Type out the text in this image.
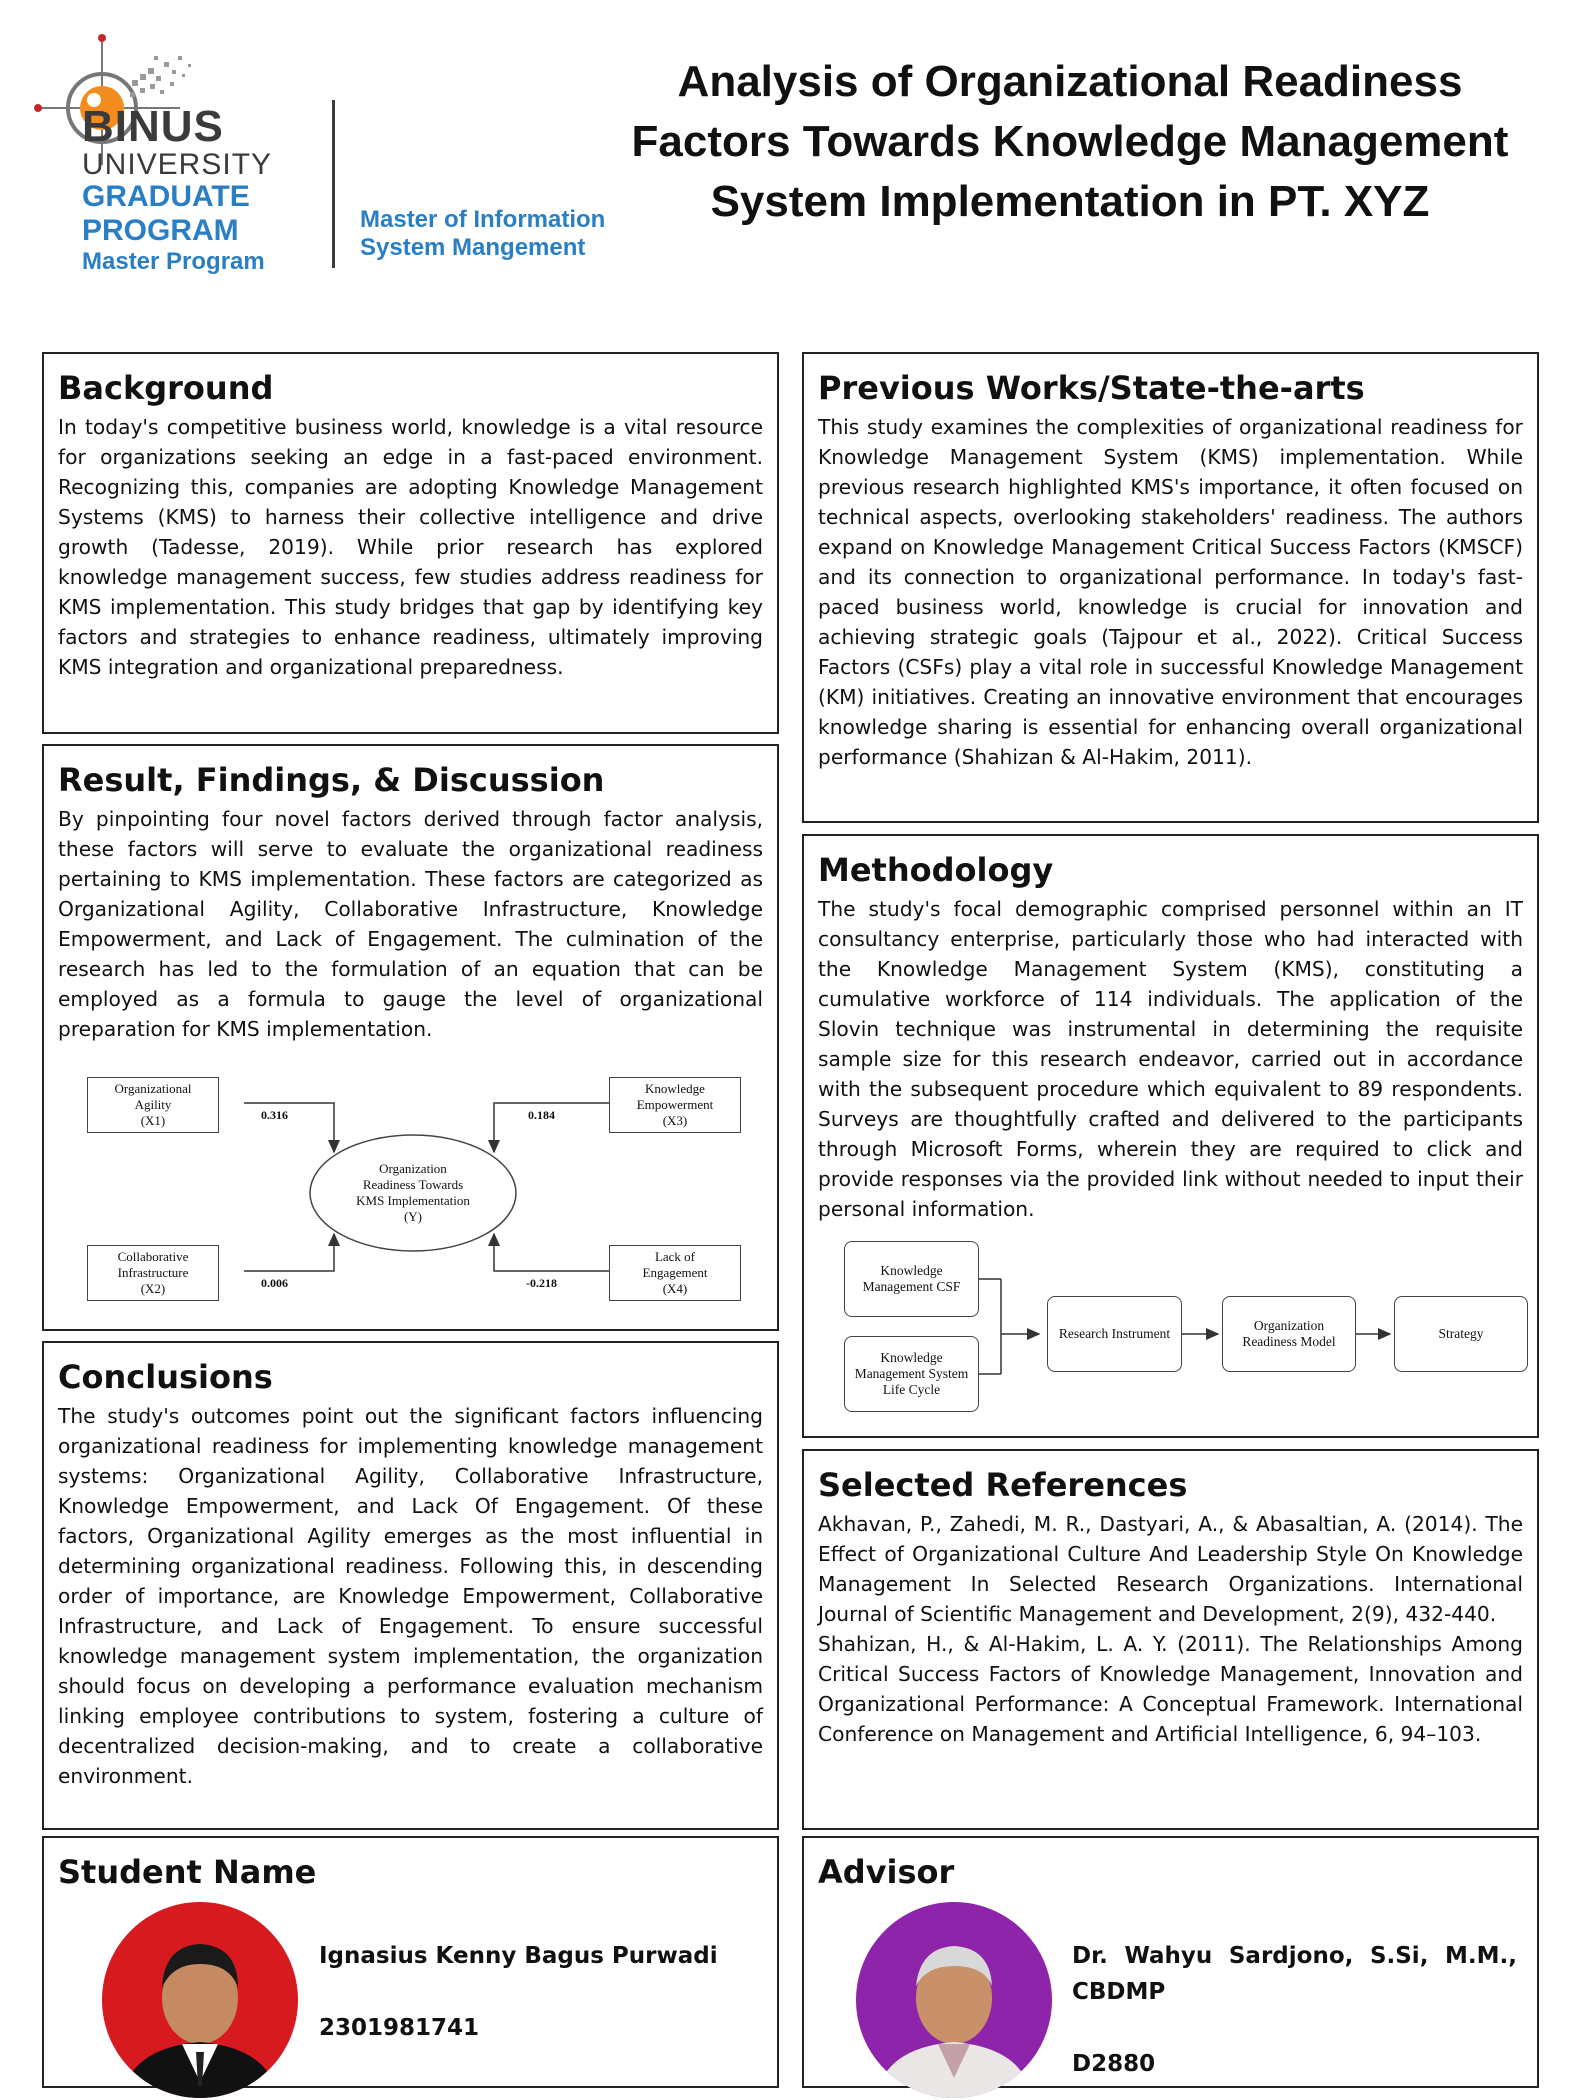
BINUS
UNIVERSITY
GRADUATE
PROGRAM
Master Program
Master of Information
System Mangement
Analysis of Organizational Readiness Factors Towards Knowledge Management System Implementation in PT. XYZ
Background

In today's competitive business world, knowledge is a vital resource for organizations seeking an edge in a fast-paced environment. Recognizing this, companies are adopting Knowledge Management Systems (KMS) to harness their collective intelligence and drive growth (Tadesse, 2019). While prior research has explored knowledge management success, few studies address readiness for KMS implementation. This study bridges that gap by identifying key factors and strategies to enhance readiness, ultimately improving KMS integration and organizational preparedness.

Previous Works/State-the-arts

This study examines the complexities of organizational readiness for Knowledge Management System (KMS) implementation. While previous research highlighted KMS's importance, it often focused on technical aspects, overlooking stakeholders' readiness. The authors expand on Knowledge Management Critical Success Factors (KMSCF) and its connection to organizational performance. In today's fast-paced business world, knowledge is crucial for innovation and achieving strategic goals (Tajpour et al., 2022). Critical Success Factors (CSFs) play a vital role in successful Knowledge Management (KM) initiatives. Creating an innovative environment that encourages knowledge sharing is essential for enhancing overall organizational performance (Shahizan & Al-Hakim, 2011).

Result, Findings, & Discussion

By pinpointing four novel factors derived through factor analysis, these factors will serve to evaluate the organizational readiness pertaining to KMS implementation. These factors are categorized as Organizational Agility, Collaborative Infrastructure, Knowledge Empowerment, and Lack of Engagement. The culmination of the research has led to the formulation of an equation that can be employed as a formula to gauge the level of organizational preparation for KMS implementation.

Organizational
Agility
(X1)
Collaborative
Infrastructure
(X2)
Knowledge
Empowerment
(X3)
Lack of
Engagement
(X4)
Organization
Readiness Towards
KMS Implementation
(Y)
0.316
0.006
0.184
-0.218
Methodology

The study's focal demographic comprised personnel within an IT consultancy enterprise, particularly those who had interacted with the Knowledge Management System (KMS), constituting a cumulative workforce of 114 individuals. The application of the Slovin technique was instrumental in determining the requisite sample size for this research endeavor, carried out in accordance with the subsequent procedure which equivalent to 89 respondents. Surveys are thoughtfully crafted and delivered to the participants through Microsoft Forms, wherein they are required to click and provide responses via the provided link without needed to input their personal information.

Knowledge
Management CSF
Knowledge
Management System
Life Cycle
Research Instrument
Organization
Readiness Model
Strategy
Conclusions

The study's outcomes point out the significant factors influencing organizational readiness for implementing knowledge management systems: Organizational Agility, Collaborative Infrastructure, Knowledge Empowerment, and Lack Of Engagement. Of these factors, Organizational Agility emerges as the most influential in determining organizational readiness. Following this, in descending order of importance, are Knowledge Empowerment, Collaborative Infrastructure, and Lack of Engagement. To ensure successful knowledge management system implementation, the organization should focus on developing a performance evaluation mechanism linking employee contributions to system, fostering a culture of decentralized decision-making, and to create a collaborative environment.

Selected References

Akhavan, P., Zahedi, M. R., Dastyari, A., & Abasaltian, A. (2014). The Effect of Organizational Culture And Leadership Style On Knowledge Management In Selected Research Organizations. International Journal of Scientific Management and Development, 2(9), 432-440.

Shahizan, H., & Al-Hakim, L. A. Y. (2011). The Relationships Among Critical Success Factors of Knowledge Management, Innovation and Organizational Performance: A Conceptual Framework. International Conference on Management and Artificial Intelligence, 6, 94–103.

Student Name
Ignasius Kenny Bagus Purwadi
2301981741
Advisor
Dr. Wahyu Sardjono, S.Si, M.M., CBDMP
D2880
